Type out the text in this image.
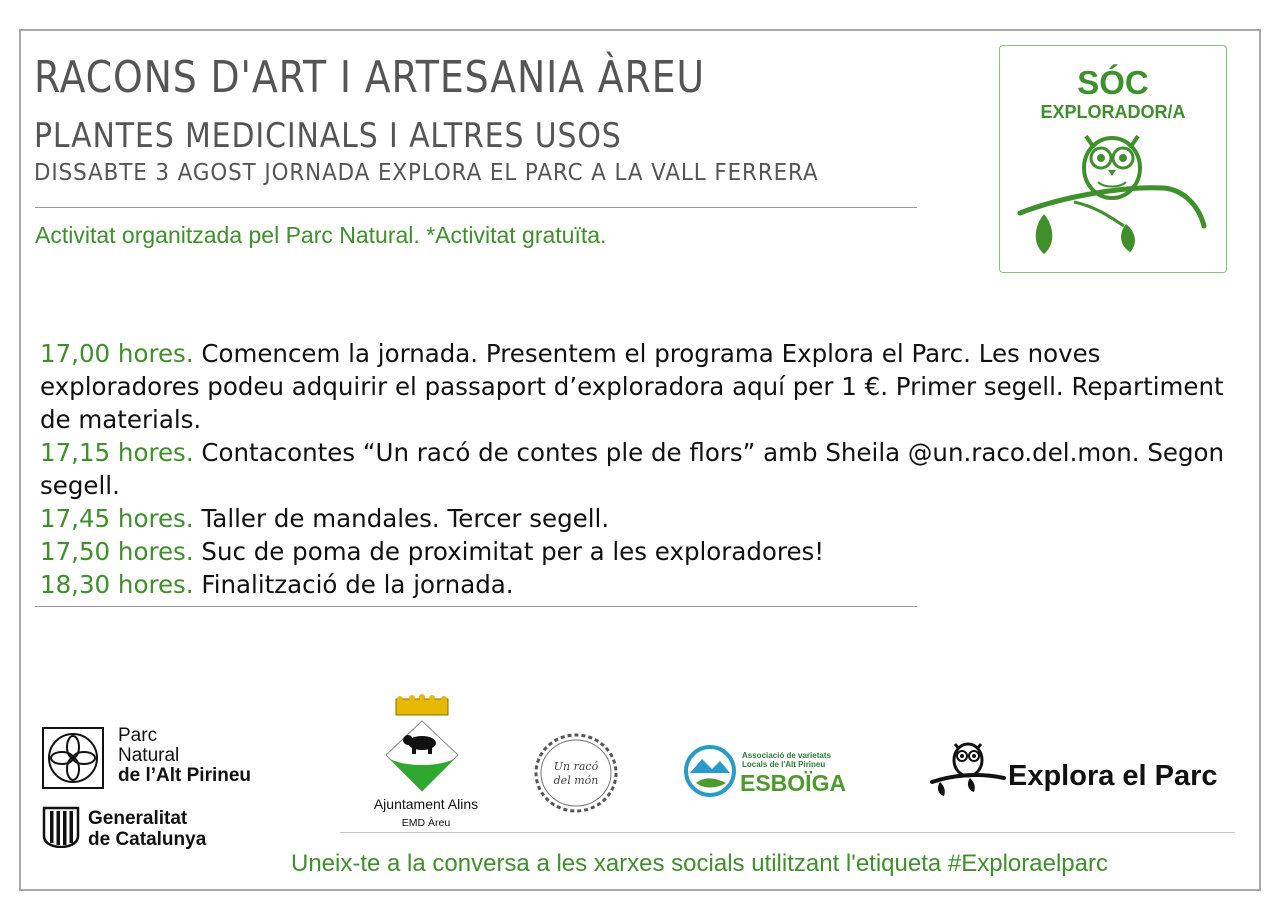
RACONS D'ART I ARTESANIA ÀREU
PLANTES MEDICINALS I ALTRES USOS
DISSABTE 3 AGOST JORNADA EXPLORA EL PARC A LA VALL FERRERA
Activitat organitzada pel Parc Natural. *Activitat gratuïta.
SÓC
EXPLORADOR/A

17,00 hores. Comencem la jornada. Presentem el programa Explora el Parc. Les noves exploradores podeu adquirir el passaport d’exploradora aquí per 1 €. Primer segell. Repartiment de materials.

17,15 hores. Contacontes “Un racó de contes ple de flors” amb Sheila @un.raco.del.mon. Segon segell.

17,45 hores. Taller de mandales. Tercer segell.

17,50 hores. Suc de poma de proximitat per a les exploradores!

18,30 hores. Finalització de la jornada.

Parc
Natural
de l’Alt Pirineu
Generalitat
de Catalunya
Ajuntament Alins
EMD Àreu
Un racó
del món
Associació de varietats
Locals de l'Alt Pirineu
ESBOÏGA	Explora el Parc
Uneix-te a la conversa a les xarxes socials utilitzant l'etiqueta #Exploraelparc
